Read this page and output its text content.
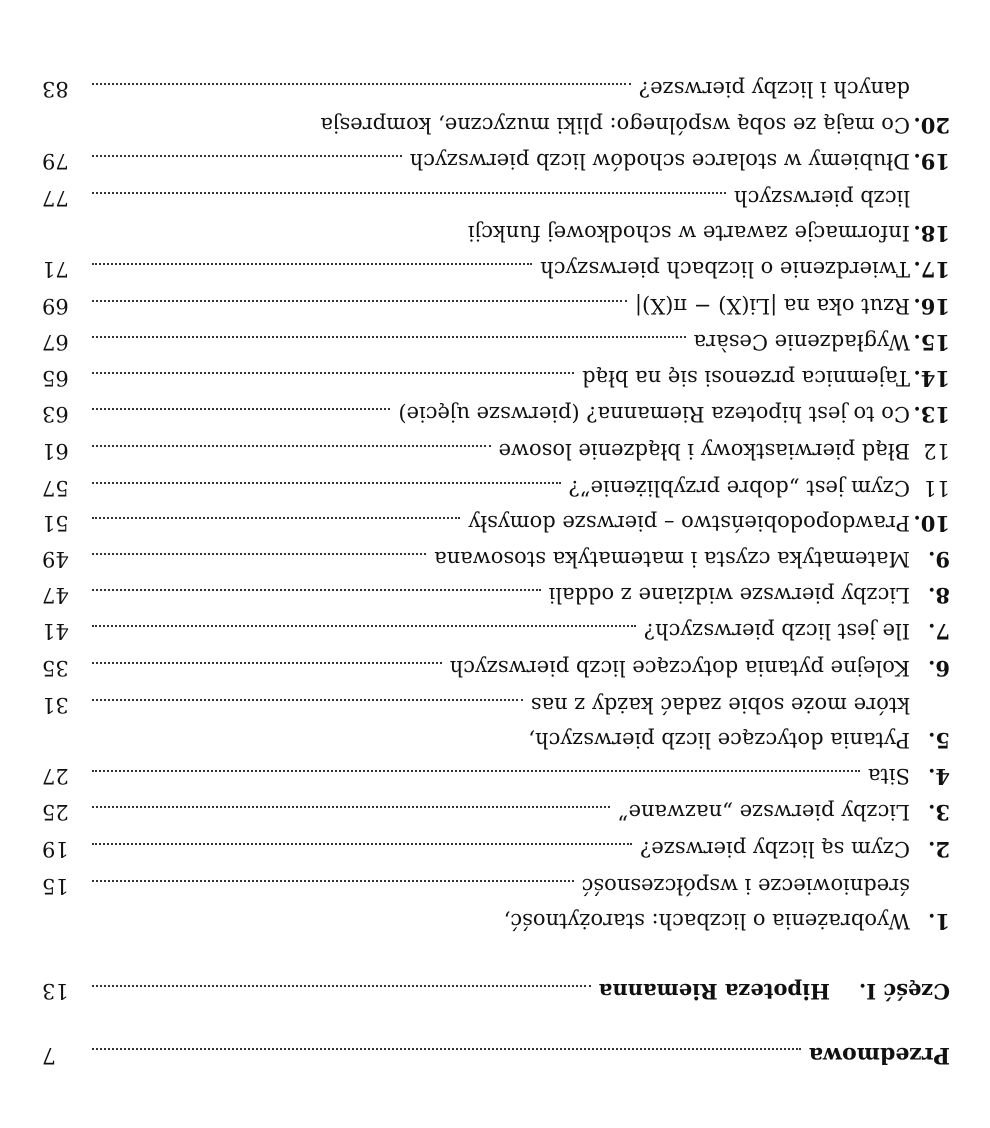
Przedmowa
7
Część I.
Hipoteza Riemanna
13
1.
Wyobrażenia o liczbach: starożytność,
średniowiecze i współczesność
15
2.
Czym są liczby pierwsze?
19
3.
Liczby pierwsze „nazwane”
25
4.
Sita
27
5.
Pytania dotyczące liczb pierwszych,
które może sobie zadać każdy z nas
31
6.
Kolejne pytania dotyczące liczb pierwszych
35
7.
Ile jest liczb pierwszych?
41
8.
Liczby pierwsze widziane z oddali
47
9.
Matematyka czysta i matematyka stosowana
49
10.
Prawdopodobieństwo – pierwsze domysły
51
11
Czym jest „dobre przybliżenie”?
57
12
Błąd pierwiastkowy i błądzenie losowe
61
13.
Co to jest hipoteza Riemanna? (pierwsze ujęcie)
63
14.
Tajemnica przenosi się na błąd
65
15.
Wygładzenie Cesàra
67
16.
Rzut oka na |Li(X) − π(X)|
69
17.
Twierdzenie o liczbach pierwszych
71
18.
Informacje zawarte w schodkowej funkcji
liczb pierwszych
77
19.
Dłubiemy w stolarce schodów liczb pierwszych
79
20.
Co mają ze sobą wspólnego: pliki muzyczne, kompresja
danych i liczby pierwsze?
83
